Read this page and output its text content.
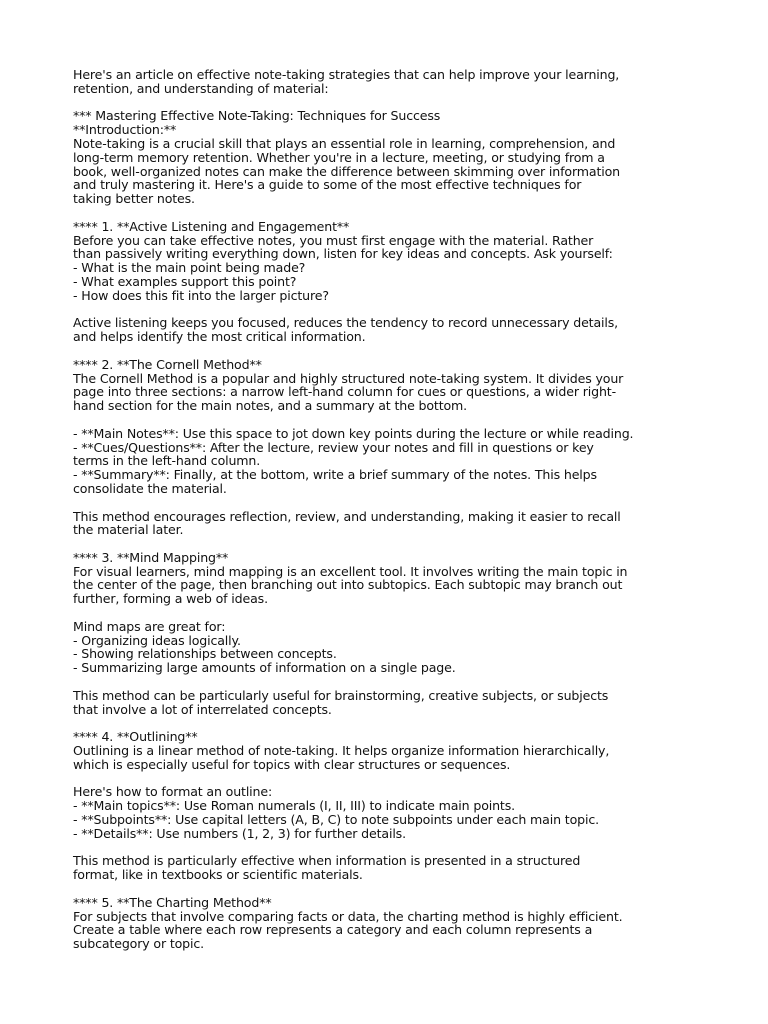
Here's an article on effective note-taking strategies that can help improve your learning,
retention, and understanding of material:
*** Mastering Effective Note-Taking: Techniques for Success
**Introduction:**
Note-taking is a crucial skill that plays an essential role in learning, comprehension, and
long-term memory retention. Whether you're in a lecture, meeting, or studying from a
book, well-organized notes can make the difference between skimming over information
and truly mastering it. Here's a guide to some of the most effective techniques for
taking better notes.
**** 1. **Active Listening and Engagement**
Before you can take effective notes, you must first engage with the material. Rather
than passively writing everything down, listen for key ideas and concepts. Ask yourself:
- What is the main point being made?
- What examples support this point?
- How does this fit into the larger picture?
Active listening keeps you focused, reduces the tendency to record unnecessary details,
and helps identify the most critical information.
**** 2. **The Cornell Method**
The Cornell Method is a popular and highly structured note-taking system. It divides your
page into three sections: a narrow left-hand column for cues or questions, a wider right-
hand section for the main notes, and a summary at the bottom.
- **Main Notes**: Use this space to jot down key points during the lecture or while reading.
- **Cues/Questions**: After the lecture, review your notes and fill in questions or key
terms in the left-hand column.
- **Summary**: Finally, at the bottom, write a brief summary of the notes. This helps
consolidate the material.
This method encourages reflection, review, and understanding, making it easier to recall
the material later.
**** 3. **Mind Mapping**
For visual learners, mind mapping is an excellent tool. It involves writing the main topic in
the center of the page, then branching out into subtopics. Each subtopic may branch out
further, forming a web of ideas.
Mind maps are great for:
- Organizing ideas logically.
- Showing relationships between concepts.
- Summarizing large amounts of information on a single page.
This method can be particularly useful for brainstorming, creative subjects, or subjects
that involve a lot of interrelated concepts.
**** 4. **Outlining**
Outlining is a linear method of note-taking. It helps organize information hierarchically,
which is especially useful for topics with clear structures or sequences.
Here's how to format an outline:
- **Main topics**: Use Roman numerals (I, II, III) to indicate main points.
- **Subpoints**: Use capital letters (A, B, C) to note subpoints under each main topic.
- **Details**: Use numbers (1, 2, 3) for further details.
This method is particularly effective when information is presented in a structured
format, like in textbooks or scientific materials.
**** 5. **The Charting Method**
For subjects that involve comparing facts or data, the charting method is highly efficient.
Create a table where each row represents a category and each column represents a
subcategory or topic.
